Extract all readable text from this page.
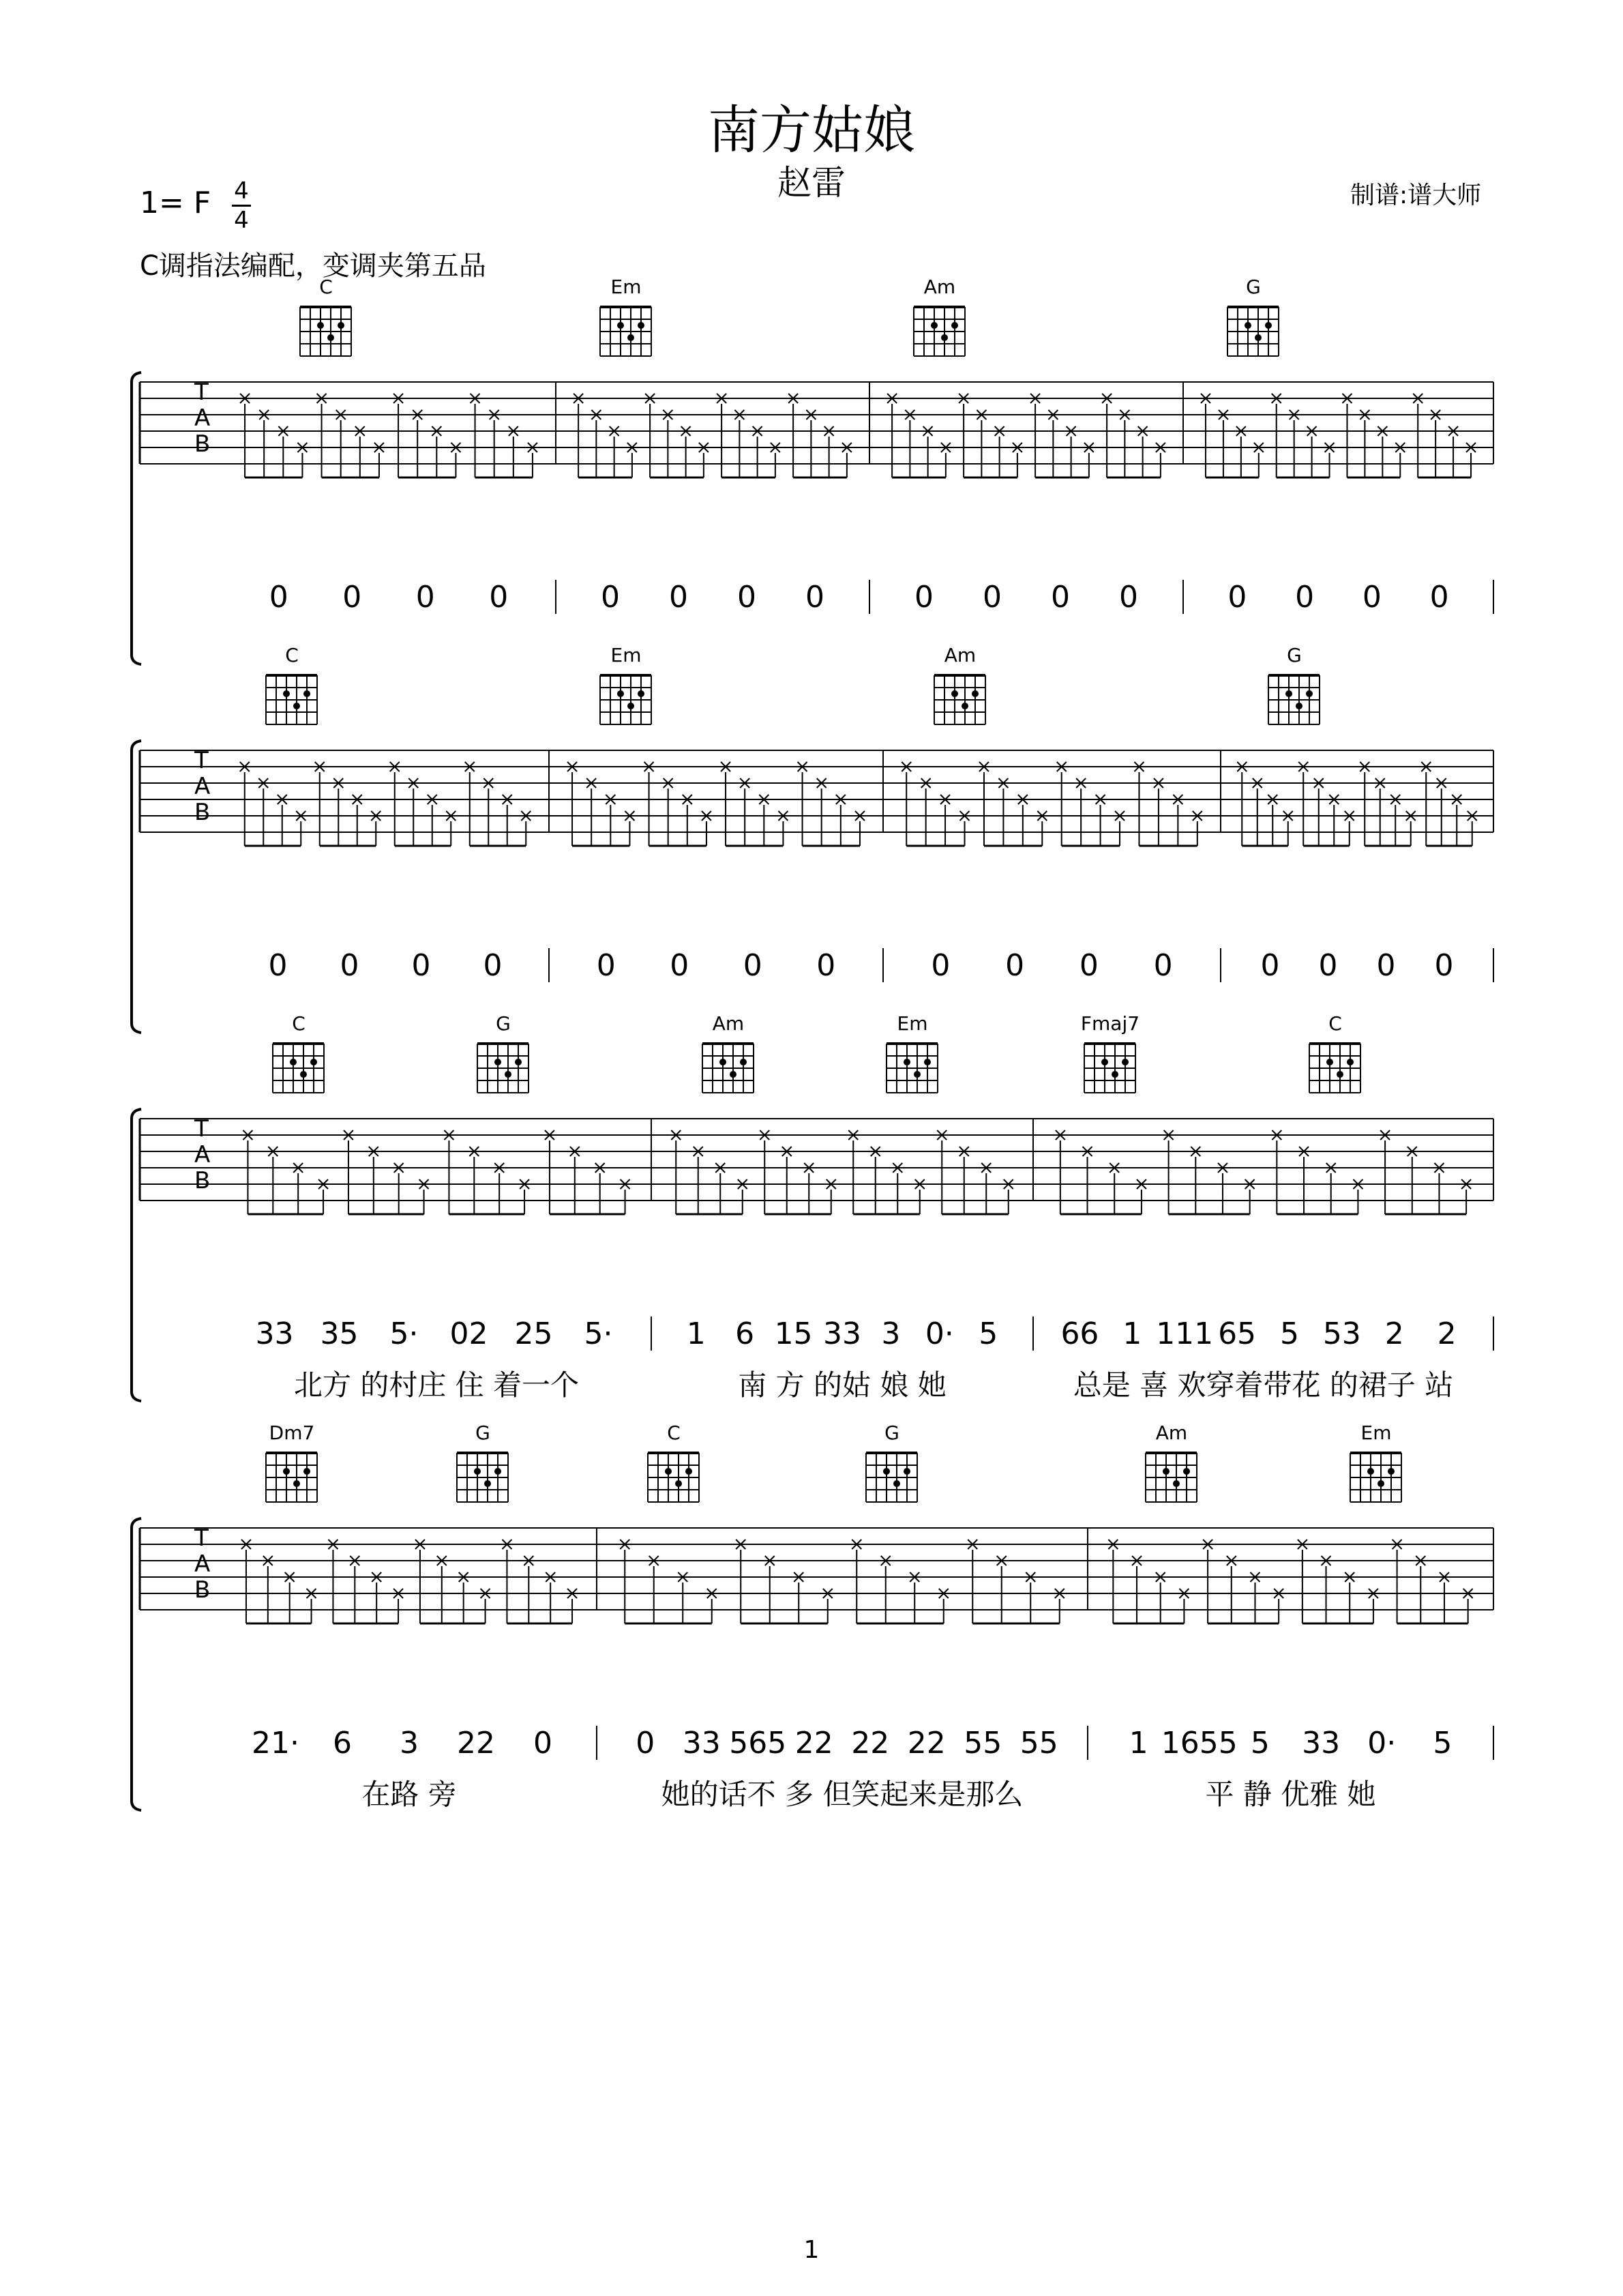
南方姑娘
赵雷
1= F 4
4
制谱:谱大师
C调指法编配，变调夹第五品
T
A
B
C	Em	Am	G
0 0 0 0	0 0 0 0	0 0 0 0	0 0 0 0
T
A
B
C	Em	Am	G
0 0 0 0	0 0 0 0	0 0 0 0	0 0 0 0
T
A
B
C	G	Am	Em	Fmaj7	C
33 35 5· 02 25 5·
北方 的村庄 住 着一个
1 6 15 33 3 0· 5
南 方 的姑 娘 她
66 1 111 65 5 53 2 2
总是 喜 欢穿着带花 的裙子 站
T
A
B
Dm7	G	C	G	Am	Em
21· 6 3 22 0
在路 旁
0 33 565 22 22 22 55 55
她的话不 多 但笑起来是那么
1 1655 5 33 0· 5
平 静 优雅 她
1
